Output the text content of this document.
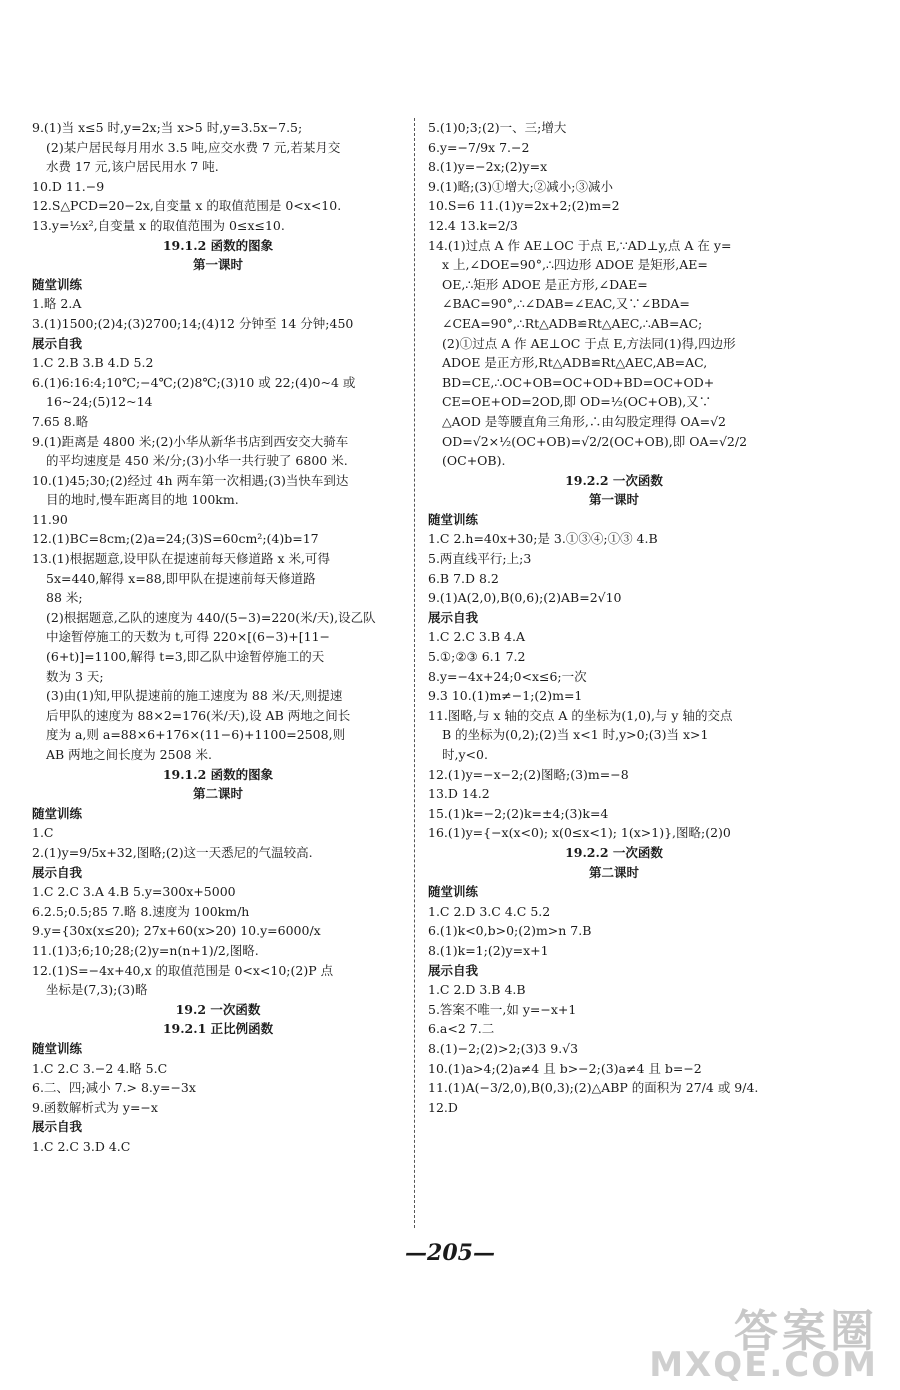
9.(1)当 x≤5 时,y=2x;当 x>5 时,y=3.5x−7.5;
(2)某户居民每月用水 3.5 吨,应交水费 7 元,若某月交
水费 17 元,该户居民用水 7 吨.
10.D 11.−9
12.S△PCD=20−2x,自变量 x 的取值范围是 0<x<10.
13.y=½x²,自变量 x 的取值范围为 0≤x≤10.
19.1.2 函数的图象
第一课时
随堂训练
1.略 2.A
3.(1)1500;(2)4;(3)2700;14;(4)12 分钟至 14 分钟;450
展示自我
1.C 2.B 3.B 4.D 5.2
6.(1)6:16:4;10℃;−4℃;(2)8℃;(3)10 或 22;(4)0~4 或
16~24;(5)12~14
7.65 8.略
9.(1)距离是 4800 米;(2)小华从新华书店到西安交大骑车
的平均速度是 450 米/分;(3)小华一共行驶了 6800 米.
10.(1)45;30;(2)经过 4h 两车第一次相遇;(3)当快车到达
目的地时,慢车距离目的地 100km.
11.90
12.(1)BC=8cm;(2)a=24;(3)S=60cm²;(4)b=17
13.(1)根据题意,设甲队在提速前每天修道路 x 米,可得
5x=440,解得 x=88,即甲队在提速前每天修道路
88 米;
(2)根据题意,乙队的速度为 440/(5−3)=220(米/天),设乙队
中途暂停施工的天数为 t,可得 220×[(6−3)+[11−
(6+t)]=1100,解得 t=3,即乙队中途暂停施工的天
数为 3 天;
(3)由(1)知,甲队提速前的施工速度为 88 米/天,则提速
后甲队的速度为 88×2=176(米/天),设 AB 两地之间长
度为 a,则 a=88×6+176×(11−6)+1100=2508,则
AB 两地之间长度为 2508 米.
19.1.2 函数的图象
第二课时
随堂训练
1.C
2.(1)y=9/5x+32,图略;(2)这一天悉尼的气温较高.
展示自我
1.C 2.C 3.A 4.B 5.y=300x+5000
6.2.5;0.5;85 7.略 8.速度为 100km/h
9.y={30x(x≤20); 27x+60(x>20) 10.y=6000/x
11.(1)3;6;10;28;(2)y=n(n+1)/2,图略.
12.(1)S=−4x+40,x 的取值范围是 0<x<10;(2)P 点
坐标是(7,3);(3)略
19.2 一次函数
19.2.1 正比例函数
随堂训练
1.C 2.C 3.−2 4.略 5.C
6.二、四;减小 7.> 8.y=−3x
9.函数解析式为 y=−x
展示自我
1.C 2.C 3.D 4.C
5.(1)0;3;(2)一、三;增大
6.y=−7/9x 7.−2
8.(1)y=−2x;(2)y=x
9.(1)略;(3)①增大;②减小;③减小
10.S=6 11.(1)y=2x+2;(2)m=2
12.4 13.k=2/3
14.(1)过点 A 作 AE⊥OC 于点 E,∵AD⊥y,点 A 在 y=
x 上,∠DOE=90°,∴四边形 ADOE 是矩形,AE=
OE,∴矩形 ADOE 是正方形,∠DAE=
∠BAC=90°,∴∠DAB=∠EAC,又∵∠BDA=
∠CEA=90°,∴Rt△ADB≌Rt△AEC,∴AB=AC;
(2)①过点 A 作 AE⊥OC 于点 E,方法同(1)得,四边形
ADOE 是正方形,Rt△ADB≌Rt△AEC,AB=AC,
BD=CE,∴OC+OB=OC+OD+BD=OC+OD+
CE=OE+OD=2OD,即 OD=½(OC+OB),又∵
△AOD 是等腰直角三角形,∴由勾股定理得 OA=√2
OD=√2×½(OC+OB)=√2/2(OC+OB),即 OA=√2/2
(OC+OB).
19.2.2 一次函数
第一课时
随堂训练
1.C 2.h=40x+30;是 3.①③④;①③ 4.B
5.两直线平行;上;3
6.B 7.D 8.2
9.(1)A(2,0),B(0,6);(2)AB=2√10
展示自我
1.C 2.C 3.B 4.A
5.①;②③ 6.1 7.2
8.y=−4x+24;0<x≤6;一次
9.3 10.(1)m≠−1;(2)m=1
11.图略,与 x 轴的交点 A 的坐标为(1,0),与 y 轴的交点
B 的坐标为(0,2);(2)当 x<1 时,y>0;(3)当 x>1
时,y<0.
12.(1)y=−x−2;(2)图略;(3)m=−8
13.D 14.2
15.(1)k=−2;(2)k=±4;(3)k=4
16.(1)y={−x(x<0); x(0≤x<1); 1(x>1)},图略;(2)0
19.2.2 一次函数
第二课时
随堂训练
1.C 2.D 3.C 4.C 5.2
6.(1)k<0,b>0;(2)m>n 7.B
8.(1)k=1;(2)y=x+1
展示自我
1.C 2.D 3.B 4.B
5.答案不唯一,如 y=−x+1
6.a<2 7.二
8.(1)−2;(2)>2;(3)3 9.√3
10.(1)a>4;(2)a≠4 且 b>−2;(3)a≠4 且 b=−2
11.(1)A(−3/2,0),B(0,3);(2)△ABP 的面积为 27/4 或 9/4.
12.D
—205—
答案圈
MXQE.COM
